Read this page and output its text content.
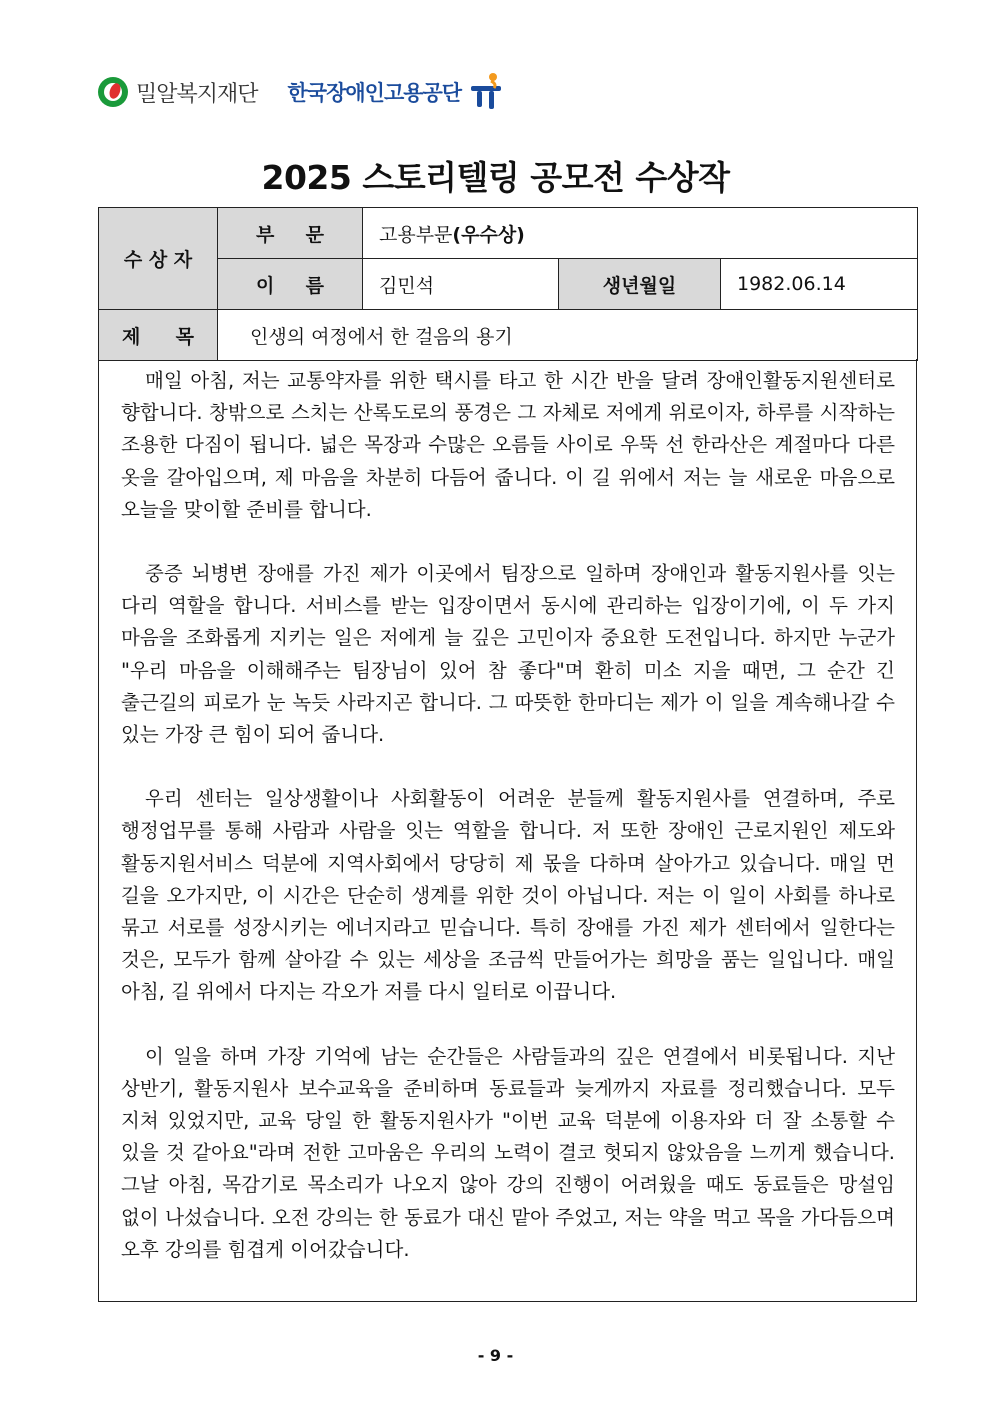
밀알복지재단 한국장애인고용공단
2025 스토리텔링 공모전 수상작
수 상 자	부 문	고용부문(우수상)		
	이 름	김민석	생년월일	1982.06.14
제 목	인생의 여정에서 한 걸음의 용기			

매일 아침, 저는 교통약자를 위한 택시를 타고 한 시간 반을 달려 장애인활동지원센터로 향합니다. 창밖으로 스치는 산록도로의 풍경은 그 자체로 저에게 위로이자, 하루를 시작하는 조용한 다짐이 됩니다. 넓은 목장과 수많은 오름들 사이로 우뚝 선 한라산은 계절마다 다른 옷을 갈아입으며, 제 마음을 차분히 다듬어 줍니다. 이 길 위에서 저는 늘 새로운 마음으로 오늘을 맞이할 준비를 합니다.

중증 뇌병변 장애를 가진 제가 이곳에서 팀장으로 일하며 장애인과 활동지원사를 잇는 다리 역할을 합니다. 서비스를 받는 입장이면서 동시에 관리하는 입장이기에, 이 두 가지 마음을 조화롭게 지키는 일은 저에게 늘 깊은 고민이자 중요한 도전입니다. 하지만 누군가 "우리 마음을 이해해주는 팀장님이 있어 참 좋다"며 환히 미소 지을 때면, 그 순간 긴 출근길의 피로가 눈 녹듯 사라지곤 합니다. 그 따뜻한 한마디는 제가 이 일을 계속해나갈 수 있는 가장 큰 힘이 되어 줍니다.

우리 센터는 일상생활이나 사회활동이 어려운 분들께 활동지원사를 연결하며, 주로 행정업무를 통해 사람과 사람을 잇는 역할을 합니다. 저 또한 장애인 근로지원인 제도와 활동지원서비스 덕분에 지역사회에서 당당히 제 몫을 다하며 살아가고 있습니다. 매일 먼 길을 오가지만, 이 시간은 단순히 생계를 위한 것이 아닙니다. 저는 이 일이 사회를 하나로 묶고 서로를 성장시키는 에너지라고 믿습니다. 특히 장애를 가진 제가 센터에서 일한다는 것은, 모두가 함께 살아갈 수 있는 세상을 조금씩 만들어가는 희망을 품는 일입니다. 매일 아침, 길 위에서 다지는 각오가 저를 다시 일터로 이끕니다.

이 일을 하며 가장 기억에 남는 순간들은 사람들과의 깊은 연결에서 비롯됩니다. 지난 상반기, 활동지원사 보수교육을 준비하며 동료들과 늦게까지 자료를 정리했습니다. 모두 지쳐 있었지만, 교육 당일 한 활동지원사가 "이번 교육 덕분에 이용자와 더 잘 소통할 수 있을 것 같아요"라며 전한 고마움은 우리의 노력이 결코 헛되지 않았음을 느끼게 했습니다. 그날 아침, 목감기로 목소리가 나오지 않아 강의 진행이 어려웠을 때도 동료들은 망설임 없이 나섰습니다. 오전 강의는 한 동료가 대신 맡아 주었고, 저는 약을 먹고 목을 가다듬으며 오후 강의를 힘겹게 이어갔습니다.

- 9 -
